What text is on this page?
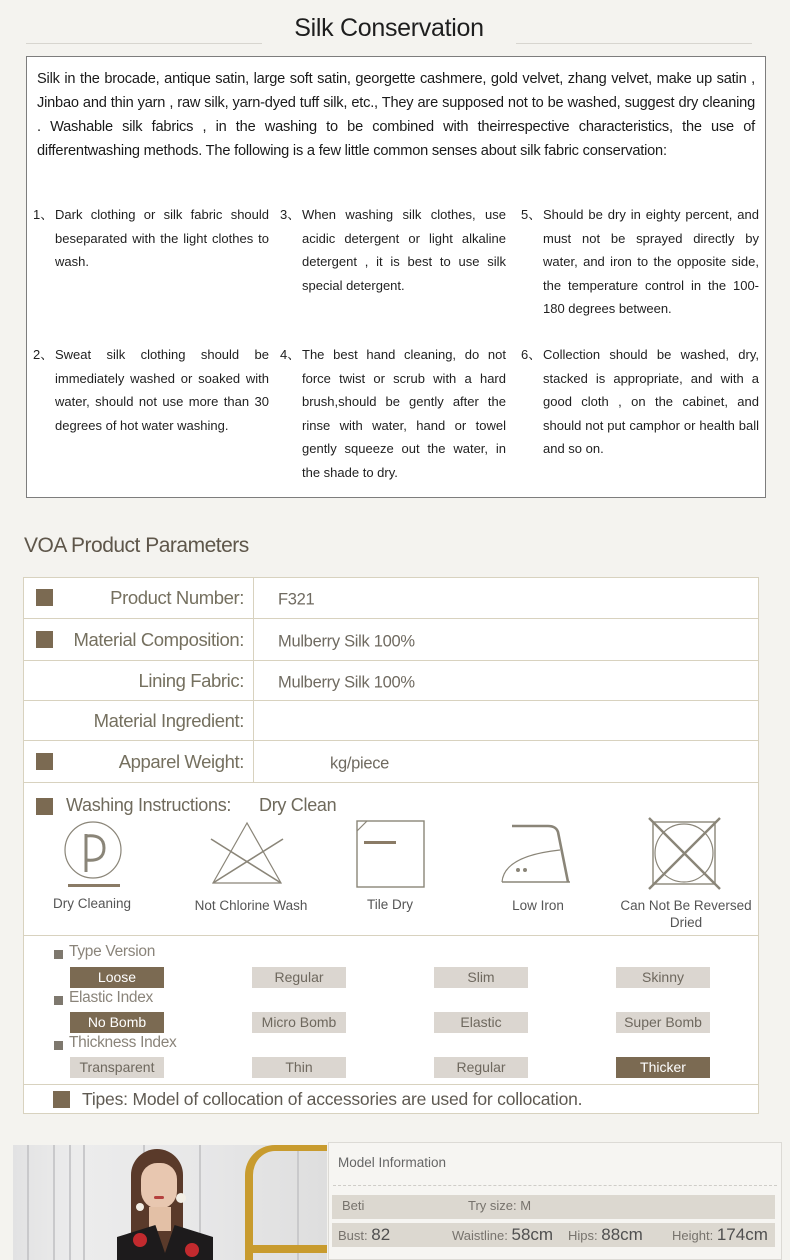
Silk Conservation

Silk in the brocade, antique satin, large soft satin, georgette cashmere, gold velvet, zhang velvet, make up satin , Jinbao and thin yarn , raw silk, yarn-dyed tuff silk, etc., They are supposed not to be washed, suggest dry cleaning . Washable silk fabrics , in the washing to be combined with theirrespective characteristics, the use of differentwashing methods. The following is a few little common senses about silk fabric conservation:

1、 Dark clothing or silk fabric should beseparated with the light clothes to wash.
2、 Sweat silk clothing should be immediately washed or soaked with water, should not use more than 30 degrees of hot water washing.
3、 When washing silk clothes, use acidic detergent or light alkaline detergent , it is best to use silk special detergent.
4、 The best hand cleaning, do not force twist or scrub with a hard brush,should be gently after the rinse with water, hand or towel gently squeeze out the water, in the shade to dry.
5、 Should be dry in eighty percent, and must not be sprayed directly by water, and iron to the opposite side, the temperature control in the 100-180 degrees between.
6、 Collection should be washed, dry, stacked is appropriate, and with a good cloth , on the cabinet, and should not put camphor or health ball and so on.
VOA Product Parameters
Product Number: F321
Material Composition: Mulberry Silk 100%
Lining Fabric: Mulberry Silk 100%
Material Ingredient:
Apparel Weight:	kg/piece
Washing Instructions: Dry Clean
Dry Cleaning	Not Chlorine Wash	Tile Dry	Low Iron	Can Not Be Reversed Dried
Type Version
Loose	Regular	Slim	Skinny
Elastic Index
No Bomb	Micro Bomb	Elastic	Super Bomb
Thickness Index
Transparent	Thin	Regular	Thicker
Tipes: Model of collocation of accessories are used for collocation.
Model Information
Beti	Try size: M
Bust: 82	Waistline: 58cm Hips: 88cm Height: 174cm
